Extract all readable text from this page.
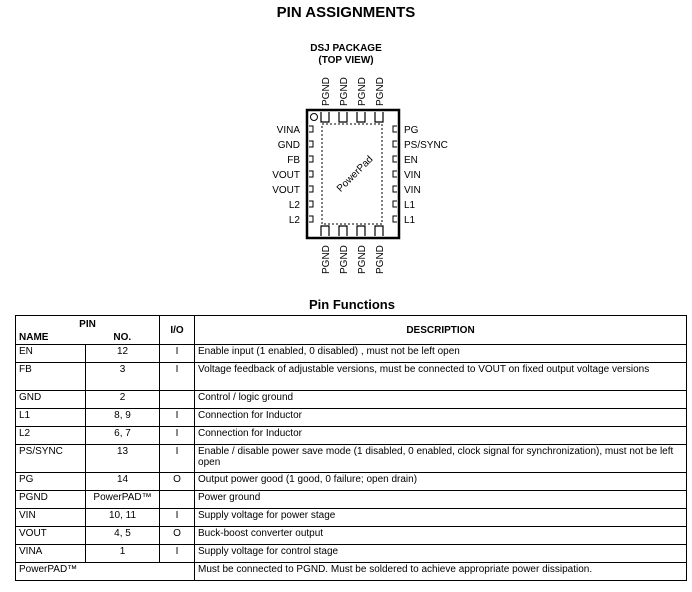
PIN ASSIGNMENTS
DSJ PACKAGE
(TOP VIEW)
PowerPad
PGND PGND PGND PGND
PGND PGND PGND PGND
VINA
GND
FB
VOUT
VOUT
L2
L2
PG
PS/SYNC
EN
VIN
VIN
L1
L1
Pin Functions
PIN		I/O	DESCRIPTION
NAME	NO.		
EN	12	I	Enable input (1 enabled, 0 disabled) , must not be left open
FB	3	I	Voltage feedback of adjustable versions, must be connected to VOUT on fixed output voltage versions
GND	2		Control / logic ground
L1	8, 9	I	Connection for Inductor
L2	6, 7	I	Connection for Inductor
PS/SYNC	13	I	Enable / disable power save mode (1 disabled, 0 enabled, clock signal for synchronization), must not be left open
PG	14	O	Output power good (1 good, 0 failure; open drain)
PGND	PowerPAD™		Power ground
VIN	10, 11	I	Supply voltage for power stage
VOUT	4, 5	O	Buck-boost converter output
VINA	1	I	Supply voltage for control stage
PowerPAD™			Must be connected to PGND. Must be soldered to achieve appropriate power dissipation.
